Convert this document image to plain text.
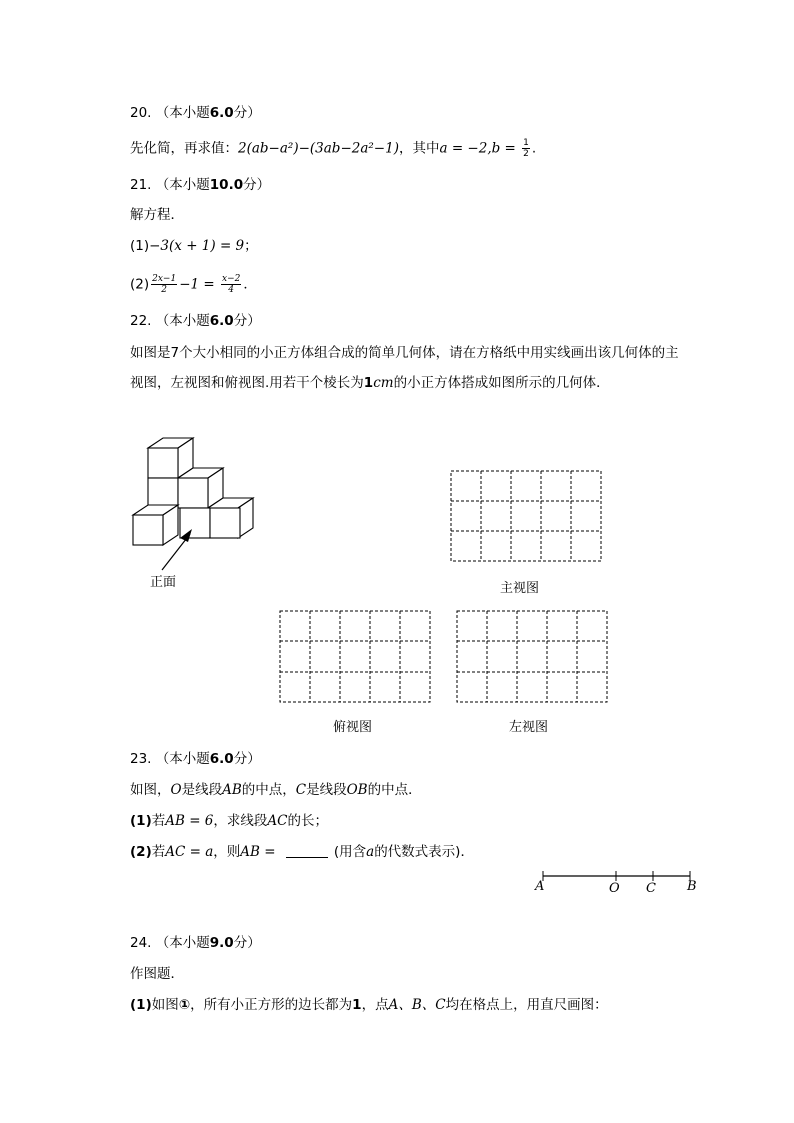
20. （本小题6.0分）
先化简，再求值：2(ab−a²)−(3ab−2a²−1)，其中$a = -2,b = \frac{1}{2}$ .
21. （本小题10.0分）
解方程．
(1)−3(x + 1) = 9；
$(2) \frac{2x-1}{2} -1 = \frac{x-2}{4}$ ．
22. （本小题6.0分）
如图是7个大小相同的小正方体组合成的简单几何体，请在方格纸中用实线画出该几何体的主
视图，左视图和俯视图.用若干个棱长为1cm的小正方体搭成如图所示的几何体．
正面	主视图
俯视图	左视图
23. （本小题6.0分）
如图，O是线段AB的中点，C是线段OB的中点．
(1)若AB = 6，求线段AC的长；
(2)若AC = a，则AB =	(用含a的代数式表示)．
A	O C B
24. （本小题9.0分）
作图题．
(1)如图①，所有小正方形的边长都为1，点A、B、C均在格点上，用直尺画图：
